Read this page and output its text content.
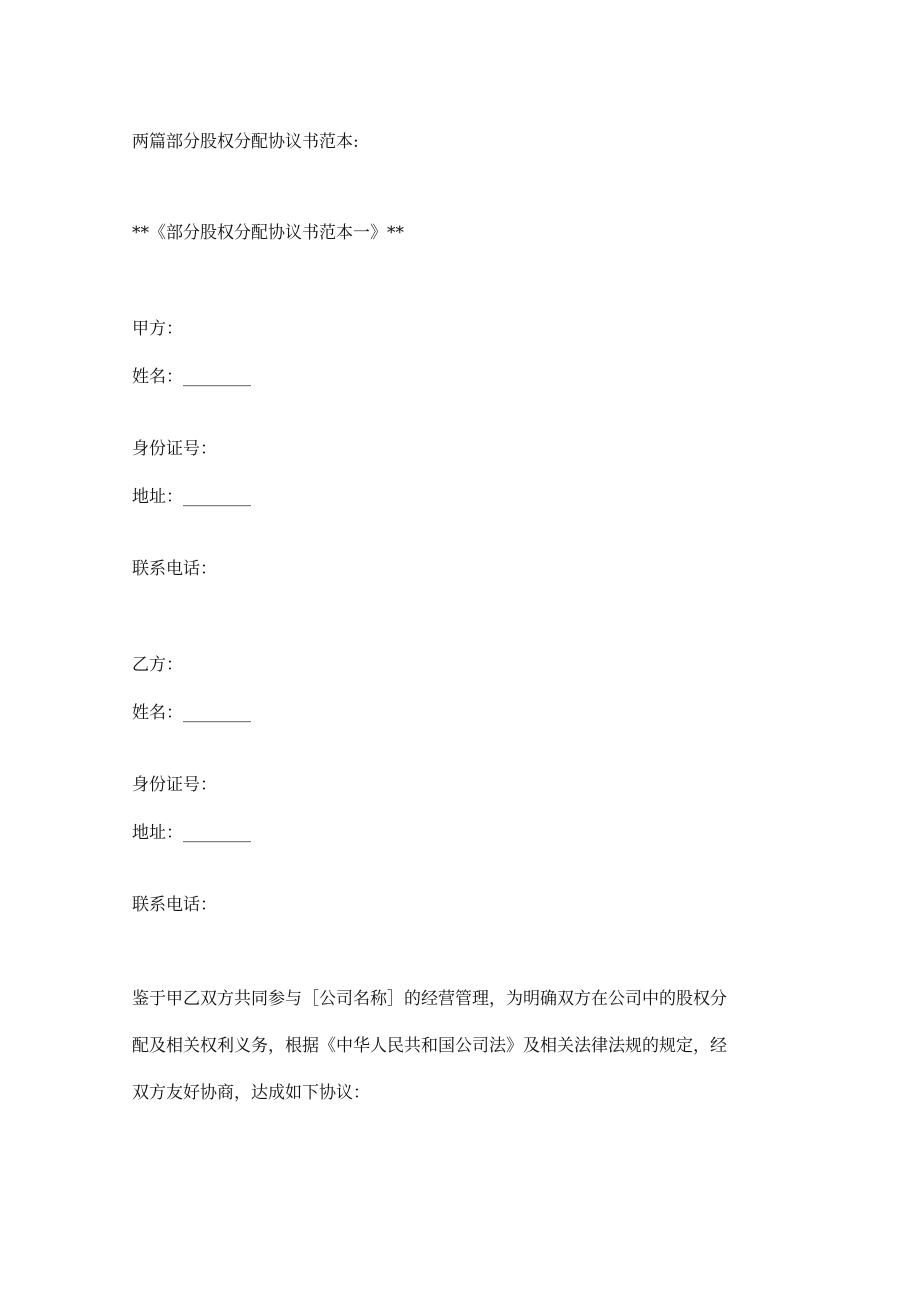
两篇部分股权分配协议书范本:
**《部分股权分配协议书范本一》**
甲方：
姓名：________
身份证号：
地址：________
联系电话：
乙方：
姓名：________
身份证号：
地址：________
联系电话：
鉴于甲乙双方共同参与［公司名称］的经营管理，为明确双方在公司中的股权分
配及相关权利义务，根据《中华人民共和国公司法》及相关法律法规的规定，经
双方友好协商，达成如下协议：
